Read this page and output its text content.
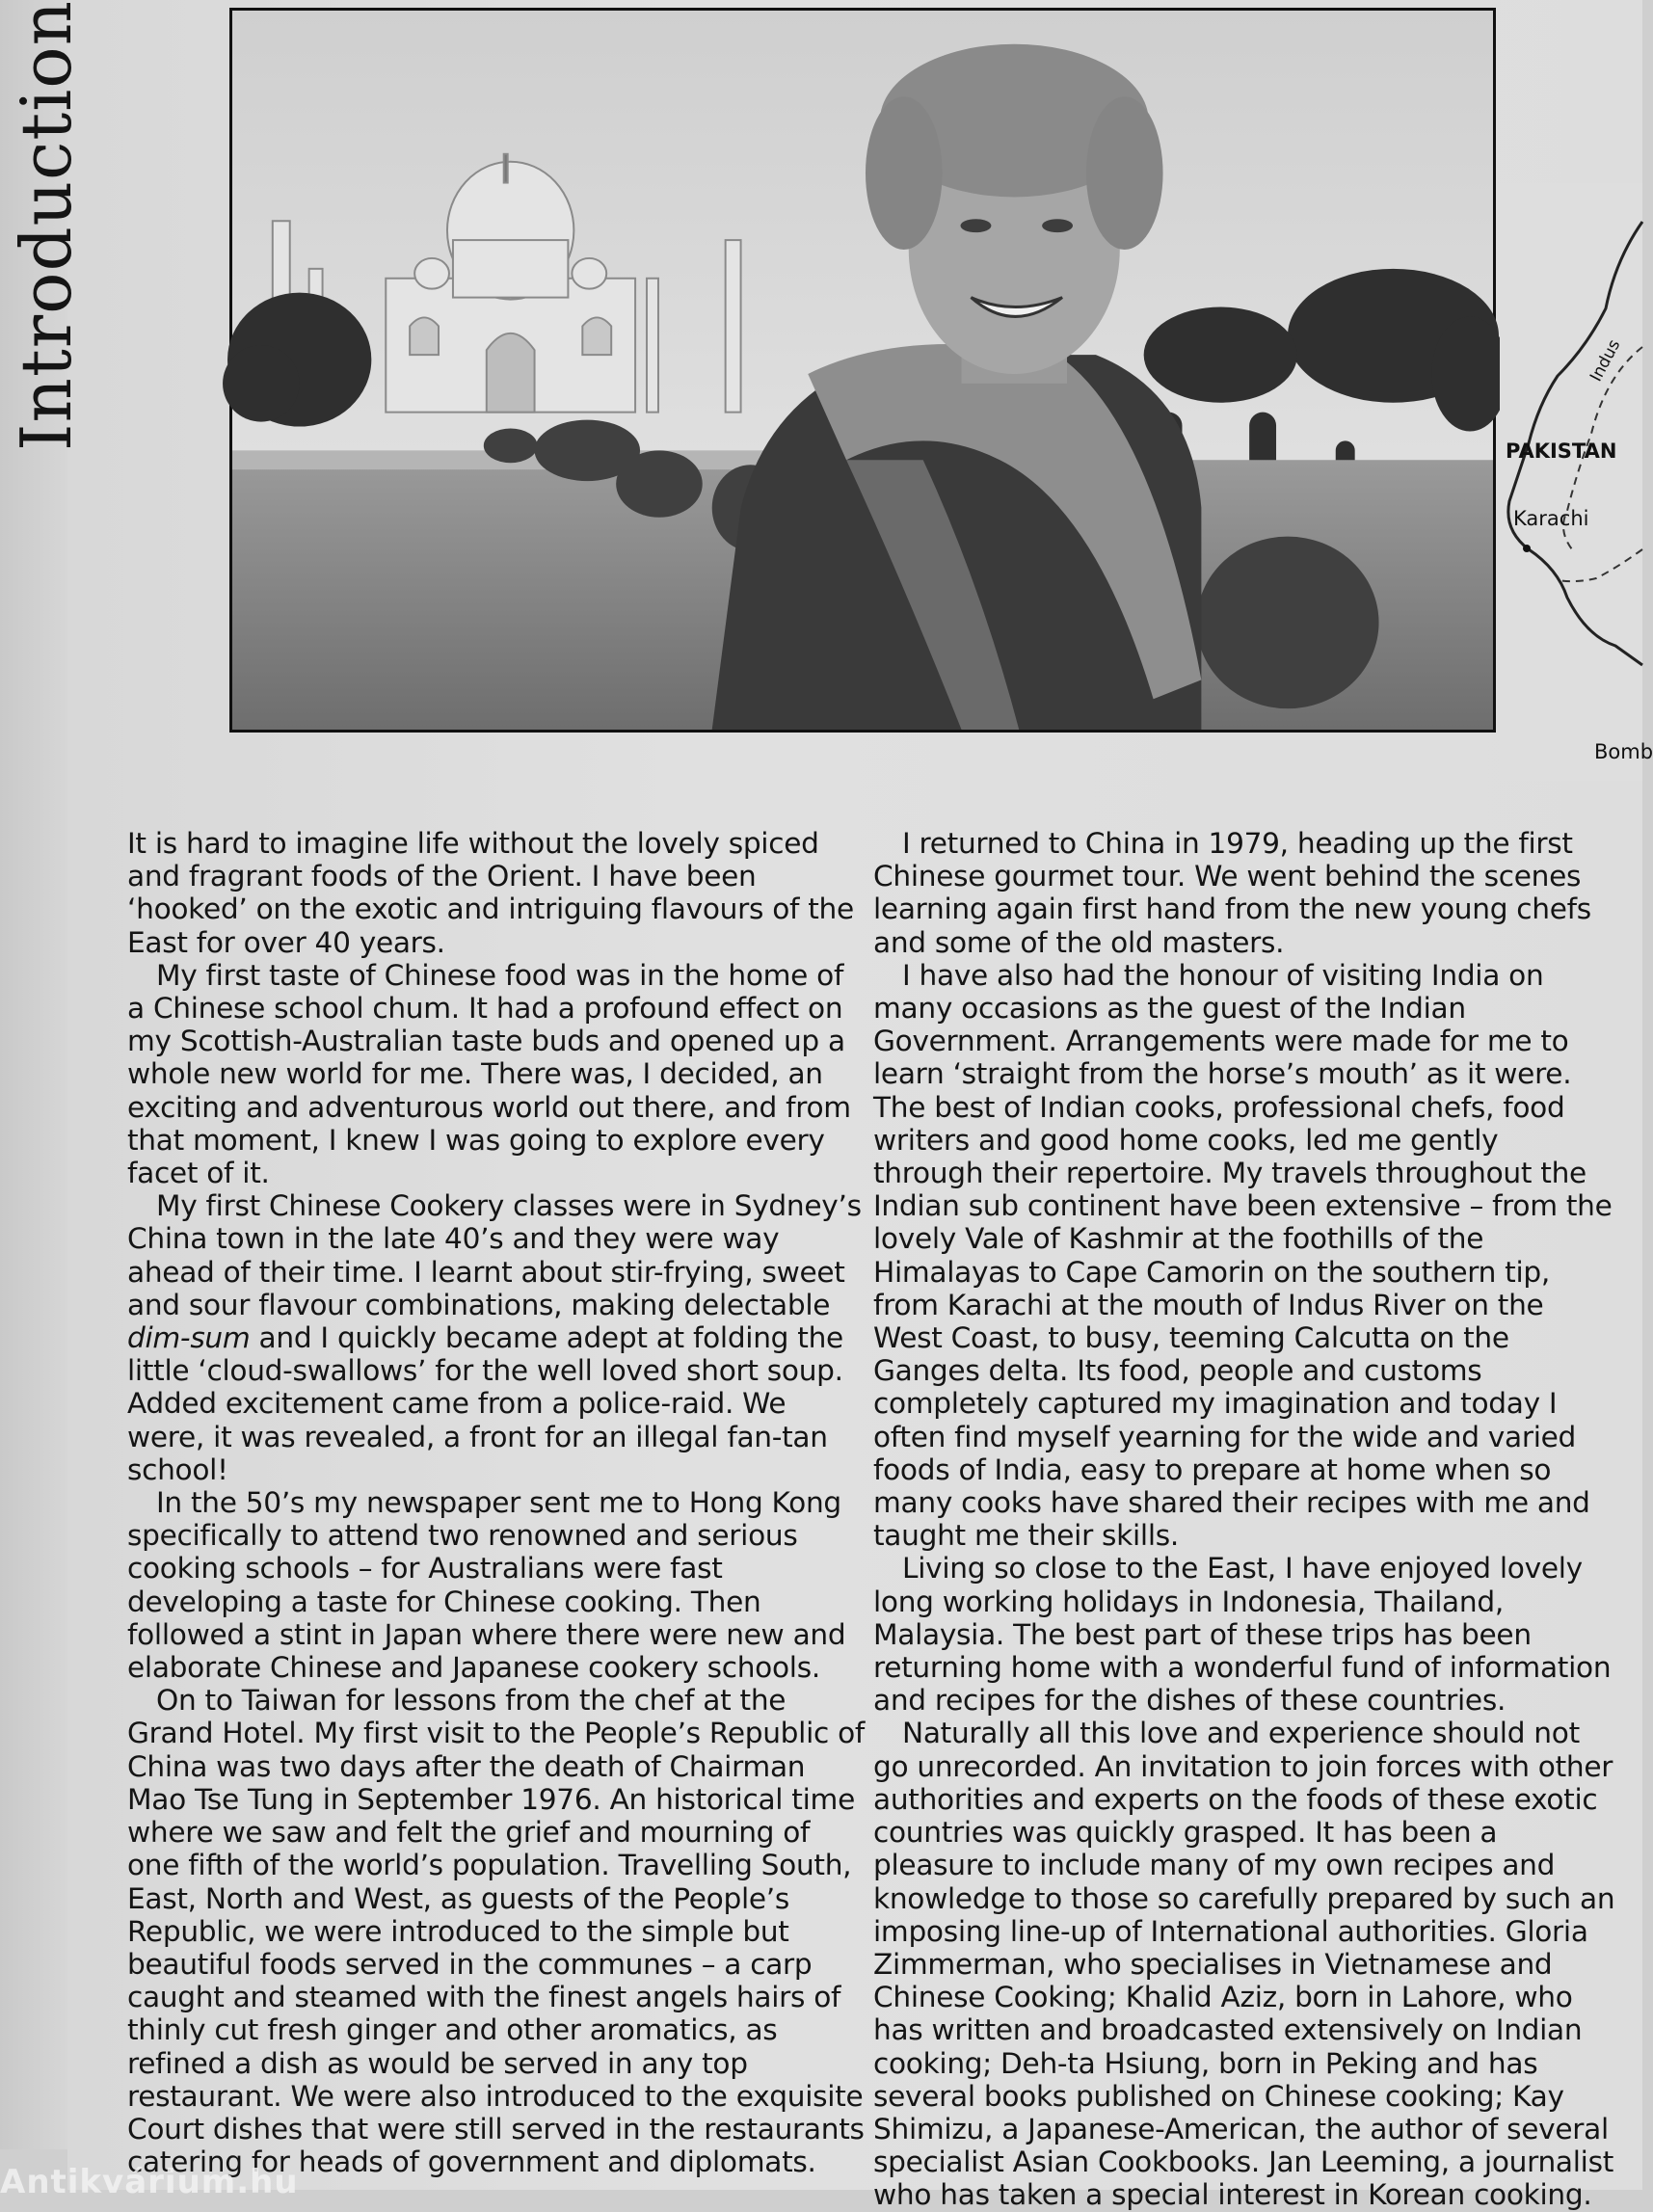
Introduction
PAKISTAN
Karachi
Indus
Bomb

It is hard to imagine life without the lovely spiced and fragrant foods of the Orient. I have been ‘hooked’ on the exotic and intriguing flavours of the East for over 40 years.

My first taste of Chinese food was in the home of a Chinese school chum. It had a profound effect on my Scottish-Australian taste buds and opened up a whole new world for me. There was, I decided, an exciting and adventurous world out there, and from that moment, I knew I was going to explore every facet of it.

My first Chinese Cookery classes were in Sydney’s China town in the late 40’s and they were way ahead of their time. I learnt about stir-frying, sweet and sour flavour combinations, making delectable dim-sum and I quickly became adept at folding the little ‘cloud-swallows’ for the well loved short soup. Added excitement came from a police-raid. We were, it was revealed, a front for an illegal fan-tan school!

In the 50’s my newspaper sent me to Hong Kong specifically to attend two renowned and serious cooking schools – for Australians were fast developing a taste for Chinese cooking. Then followed a stint in Japan where there were new and elaborate Chinese and Japanese cookery schools.

On to Taiwan for lessons from the chef at the Grand Hotel. My first visit to the People’s Republic of China was two days after the death of Chairman Mao Tse Tung in September 1976. An historical time where we saw and felt the grief and mourning of one fifth of the world’s population. Travelling South, East, North and West, as guests of the People’s Republic, we were introduced to the simple but beautiful foods served in the communes – a carp caught and steamed with the finest angels hairs of thinly cut fresh ginger and other aromatics, as refined a dish as would be served in any top restaurant. We were also introduced to the exquisite Court dishes that were still served in the restaurants catering for heads of government and diplomats.

I returned to China in 1979, heading up the first Chinese gourmet tour. We went behind the scenes learning again first hand from the new young chefs and some of the old masters.

I have also had the honour of visiting India on many occasions as the guest of the Indian Government. Arrangements were made for me to learn ‘straight from the horse’s mouth’ as it were. The best of Indian cooks, professional chefs, food writers and good home cooks, led me gently through their repertoire. My travels throughout the Indian sub continent have been extensive – from the lovely Vale of Kashmir at the foothills of the Himalayas to Cape Camorin on the southern tip, from Karachi at the mouth of Indus River on the West Coast, to busy, teeming Calcutta on the Ganges delta. Its food, people and customs completely captured my imagination and today I often find myself yearning for the wide and varied foods of India, easy to prepare at home when so many cooks have shared their recipes with me and taught me their skills.

Living so close to the East, I have enjoyed lovely long working holidays in Indonesia, Thailand, Malaysia. The best part of these trips has been returning home with a wonderful fund of information and recipes for the dishes of these countries.

Naturally all this love and experience should not go unrecorded. An invitation to join forces with other authorities and experts on the foods of these exotic countries was quickly grasped. It has been a pleasure to include many of my own recipes and knowledge to those so carefully prepared by such an imposing line-up of International authorities. Gloria Zimmerman, who specialises in Vietnamese and Chinese Cooking; Khalid Aziz, born in Lahore, who has written and broadcasted extensively on Indian cooking; Deh-ta Hsiung, born in Peking and has several books published on Chinese cooking; Kay Shimizu, a Japanese-American, the author of several specialist Asian Cookbooks. Jan Leeming, a journalist who has taken a special interest in Korean cooking.

Antikvárium.hu
